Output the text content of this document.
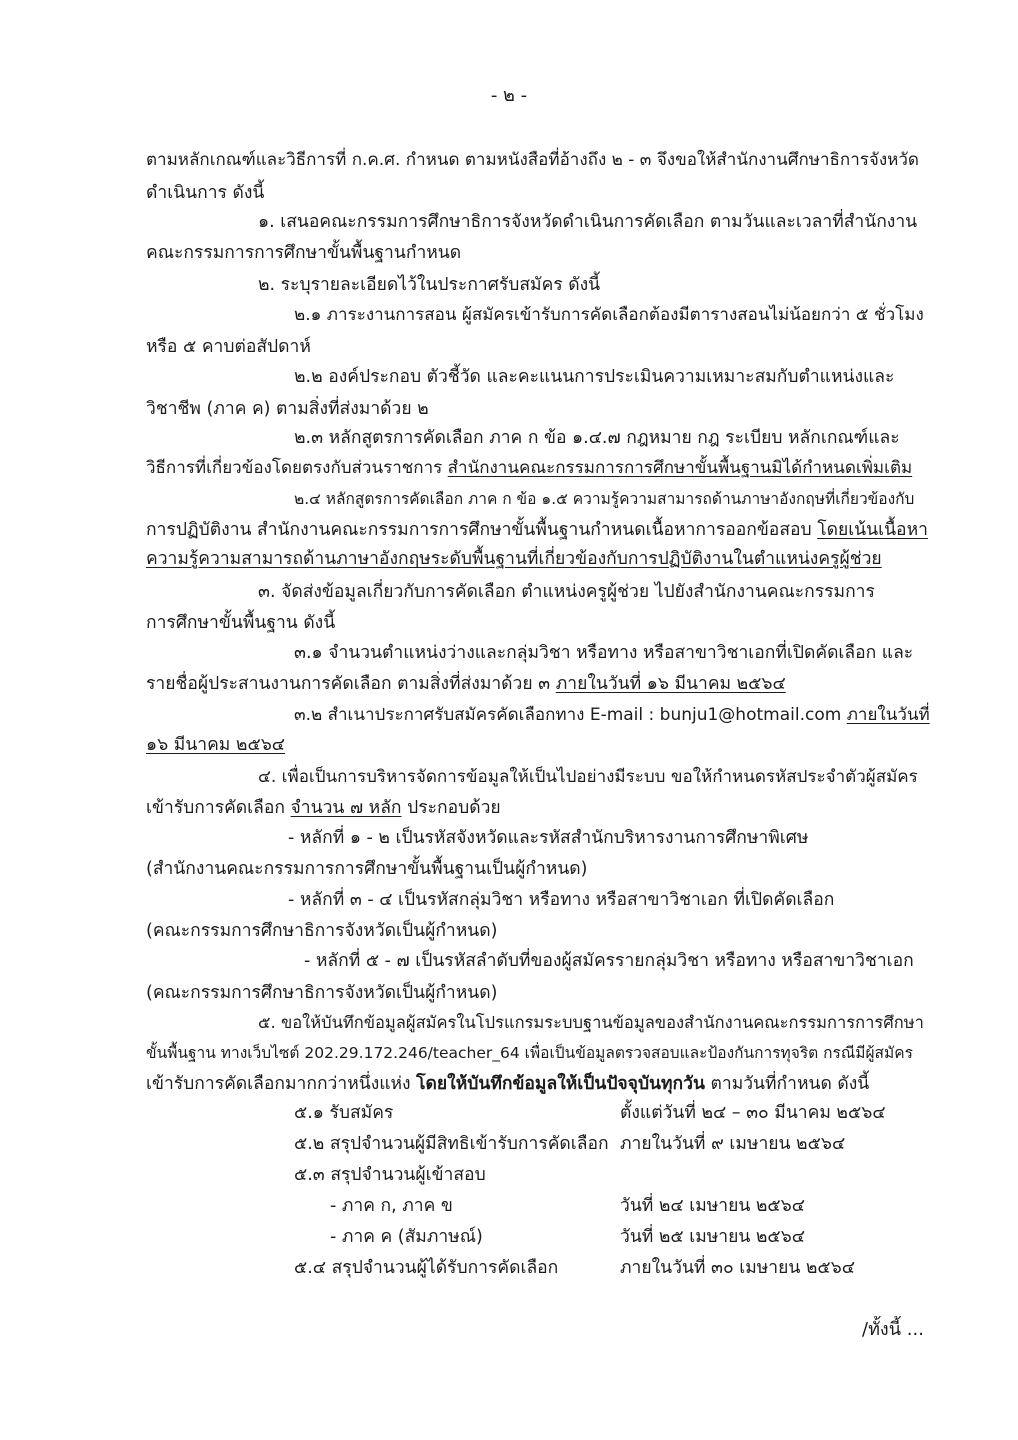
- ๒ -
ตามหลักเกณฑ์และวิธีการที่ ก.ค.ศ. กำหนด ตามหนังสือที่อ้างถึง ๒ - ๓ จึงขอให้สำนักงานศึกษาธิการจังหวัด
ดำเนินการ ดังนี้
๑. เสนอคณะกรรมการศึกษาธิการจังหวัดดำเนินการคัดเลือก ตามวันและเวลาที่สำนักงาน
คณะกรรมการการศึกษาขั้นพื้นฐานกำหนด
๒. ระบุรายละเอียดไว้ในประกาศรับสมัคร ดังนี้
๒.๑ ภาระงานการสอน ผู้สมัครเข้ารับการคัดเลือกต้องมีตารางสอนไม่น้อยกว่า ๕ ชั่วโมง
หรือ ๕ คาบต่อสัปดาห์
๒.๒ องค์ประกอบ ตัวชี้วัด และคะแนนการประเมินความเหมาะสมกับตำแหน่งและ
วิชาชีพ (ภาค ค) ตามสิ่งที่ส่งมาด้วย ๒
๒.๓ หลักสูตรการคัดเลือก ภาค ก ข้อ ๑.๔.๗ กฎหมาย กฎ ระเบียบ หลักเกณฑ์และ
วิธีการที่เกี่ยวข้องโดยตรงกับส่วนราชการ สำนักงานคณะกรรมการการศึกษาขั้นพื้นฐานมิได้กำหนดเพิ่มเติม
๒.๔ หลักสูตรการคัดเลือก ภาค ก ข้อ ๑.๕ ความรู้ความสามารถด้านภาษาอังกฤษที่เกี่ยวข้องกับ
การปฏิบัติงาน สำนักงานคณะกรรมการการศึกษาขั้นพื้นฐานกำหนดเนื้อหาการออกข้อสอบ โดยเน้นเนื้อหา
ความรู้ความสามารถด้านภาษาอังกฤษระดับพื้นฐานที่เกี่ยวข้องกับการปฏิบัติงานในตำแหน่งครูผู้ช่วย
๓. จัดส่งข้อมูลเกี่ยวกับการคัดเลือก ตำแหน่งครูผู้ช่วย ไปยังสำนักงานคณะกรรมการ
การศึกษาขั้นพื้นฐาน ดังนี้
๓.๑ จำนวนตำแหน่งว่างและกลุ่มวิชา หรือทาง หรือสาขาวิชาเอกที่เปิดคัดเลือก และ
รายชื่อผู้ประสานงานการคัดเลือก ตามสิ่งที่ส่งมาด้วย ๓ ภายในวันที่ ๑๖ มีนาคม ๒๕๖๔
๓.๒ สำเนาประกาศรับสมัครคัดเลือกทาง E-mail : bunju1@hotmail.com ภายในวันที่
๑๖ มีนาคม ๒๕๖๔
๔. เพื่อเป็นการบริหารจัดการข้อมูลให้เป็นไปอย่างมีระบบ ขอให้กำหนดรหัสประจำตัวผู้สมัคร
เข้ารับการคัดเลือก จำนวน ๗ หลัก ประกอบด้วย
- หลักที่ ๑ - ๒ เป็นรหัสจังหวัดและรหัสสำนักบริหารงานการศึกษาพิเศษ
(สำนักงานคณะกรรมการการศึกษาขั้นพื้นฐานเป็นผู้กำหนด)
- หลักที่ ๓ - ๔ เป็นรหัสกลุ่มวิชา หรือทาง หรือสาขาวิชาเอก ที่เปิดคัดเลือก
(คณะกรรมการศึกษาธิการจังหวัดเป็นผู้กำหนด)
- หลักที่ ๕ - ๗ เป็นรหัสลำดับที่ของผู้สมัครรายกลุ่มวิชา หรือทาง หรือสาขาวิชาเอก
(คณะกรรมการศึกษาธิการจังหวัดเป็นผู้กำหนด)
๕. ขอให้บันทึกข้อมูลผู้สมัครในโปรแกรมระบบฐานข้อมูลของสำนักงานคณะกรรมการการศึกษา
ขั้นพื้นฐาน ทางเว็บไซต์ 202.29.172.246/teacher_64 เพื่อเป็นข้อมูลตรวจสอบและป้องกันการทุจริต กรณีมีผู้สมัคร
เข้ารับการคัดเลือกมากกว่าหนึ่งแห่ง โดยให้บันทึกข้อมูลให้เป็นปัจจุบันทุกวัน ตามวันที่กำหนด ดังนี้
๕.๑ รับสมัคร	ตั้งแต่วันที่ ๒๔ – ๓๐ มีนาคม ๒๕๖๔
๕.๒ สรุปจำนวนผู้มีสิทธิเข้ารับการคัดเลือก ภายในวันที่ ๙ เมษายน ๒๕๖๔
๕.๓ สรุปจำนวนผู้เข้าสอบ
- ภาค ก, ภาค ข	วันที่ ๒๔ เมษายน ๒๕๖๔
- ภาค ค (สัมภาษณ์)	วันที่ ๒๕ เมษายน ๒๕๖๔
๕.๔ สรุปจำนวนผู้ได้รับการคัดเลือก	ภายในวันที่ ๓๐ เมษายน ๒๕๖๔
/ทั้งนี้ ...
